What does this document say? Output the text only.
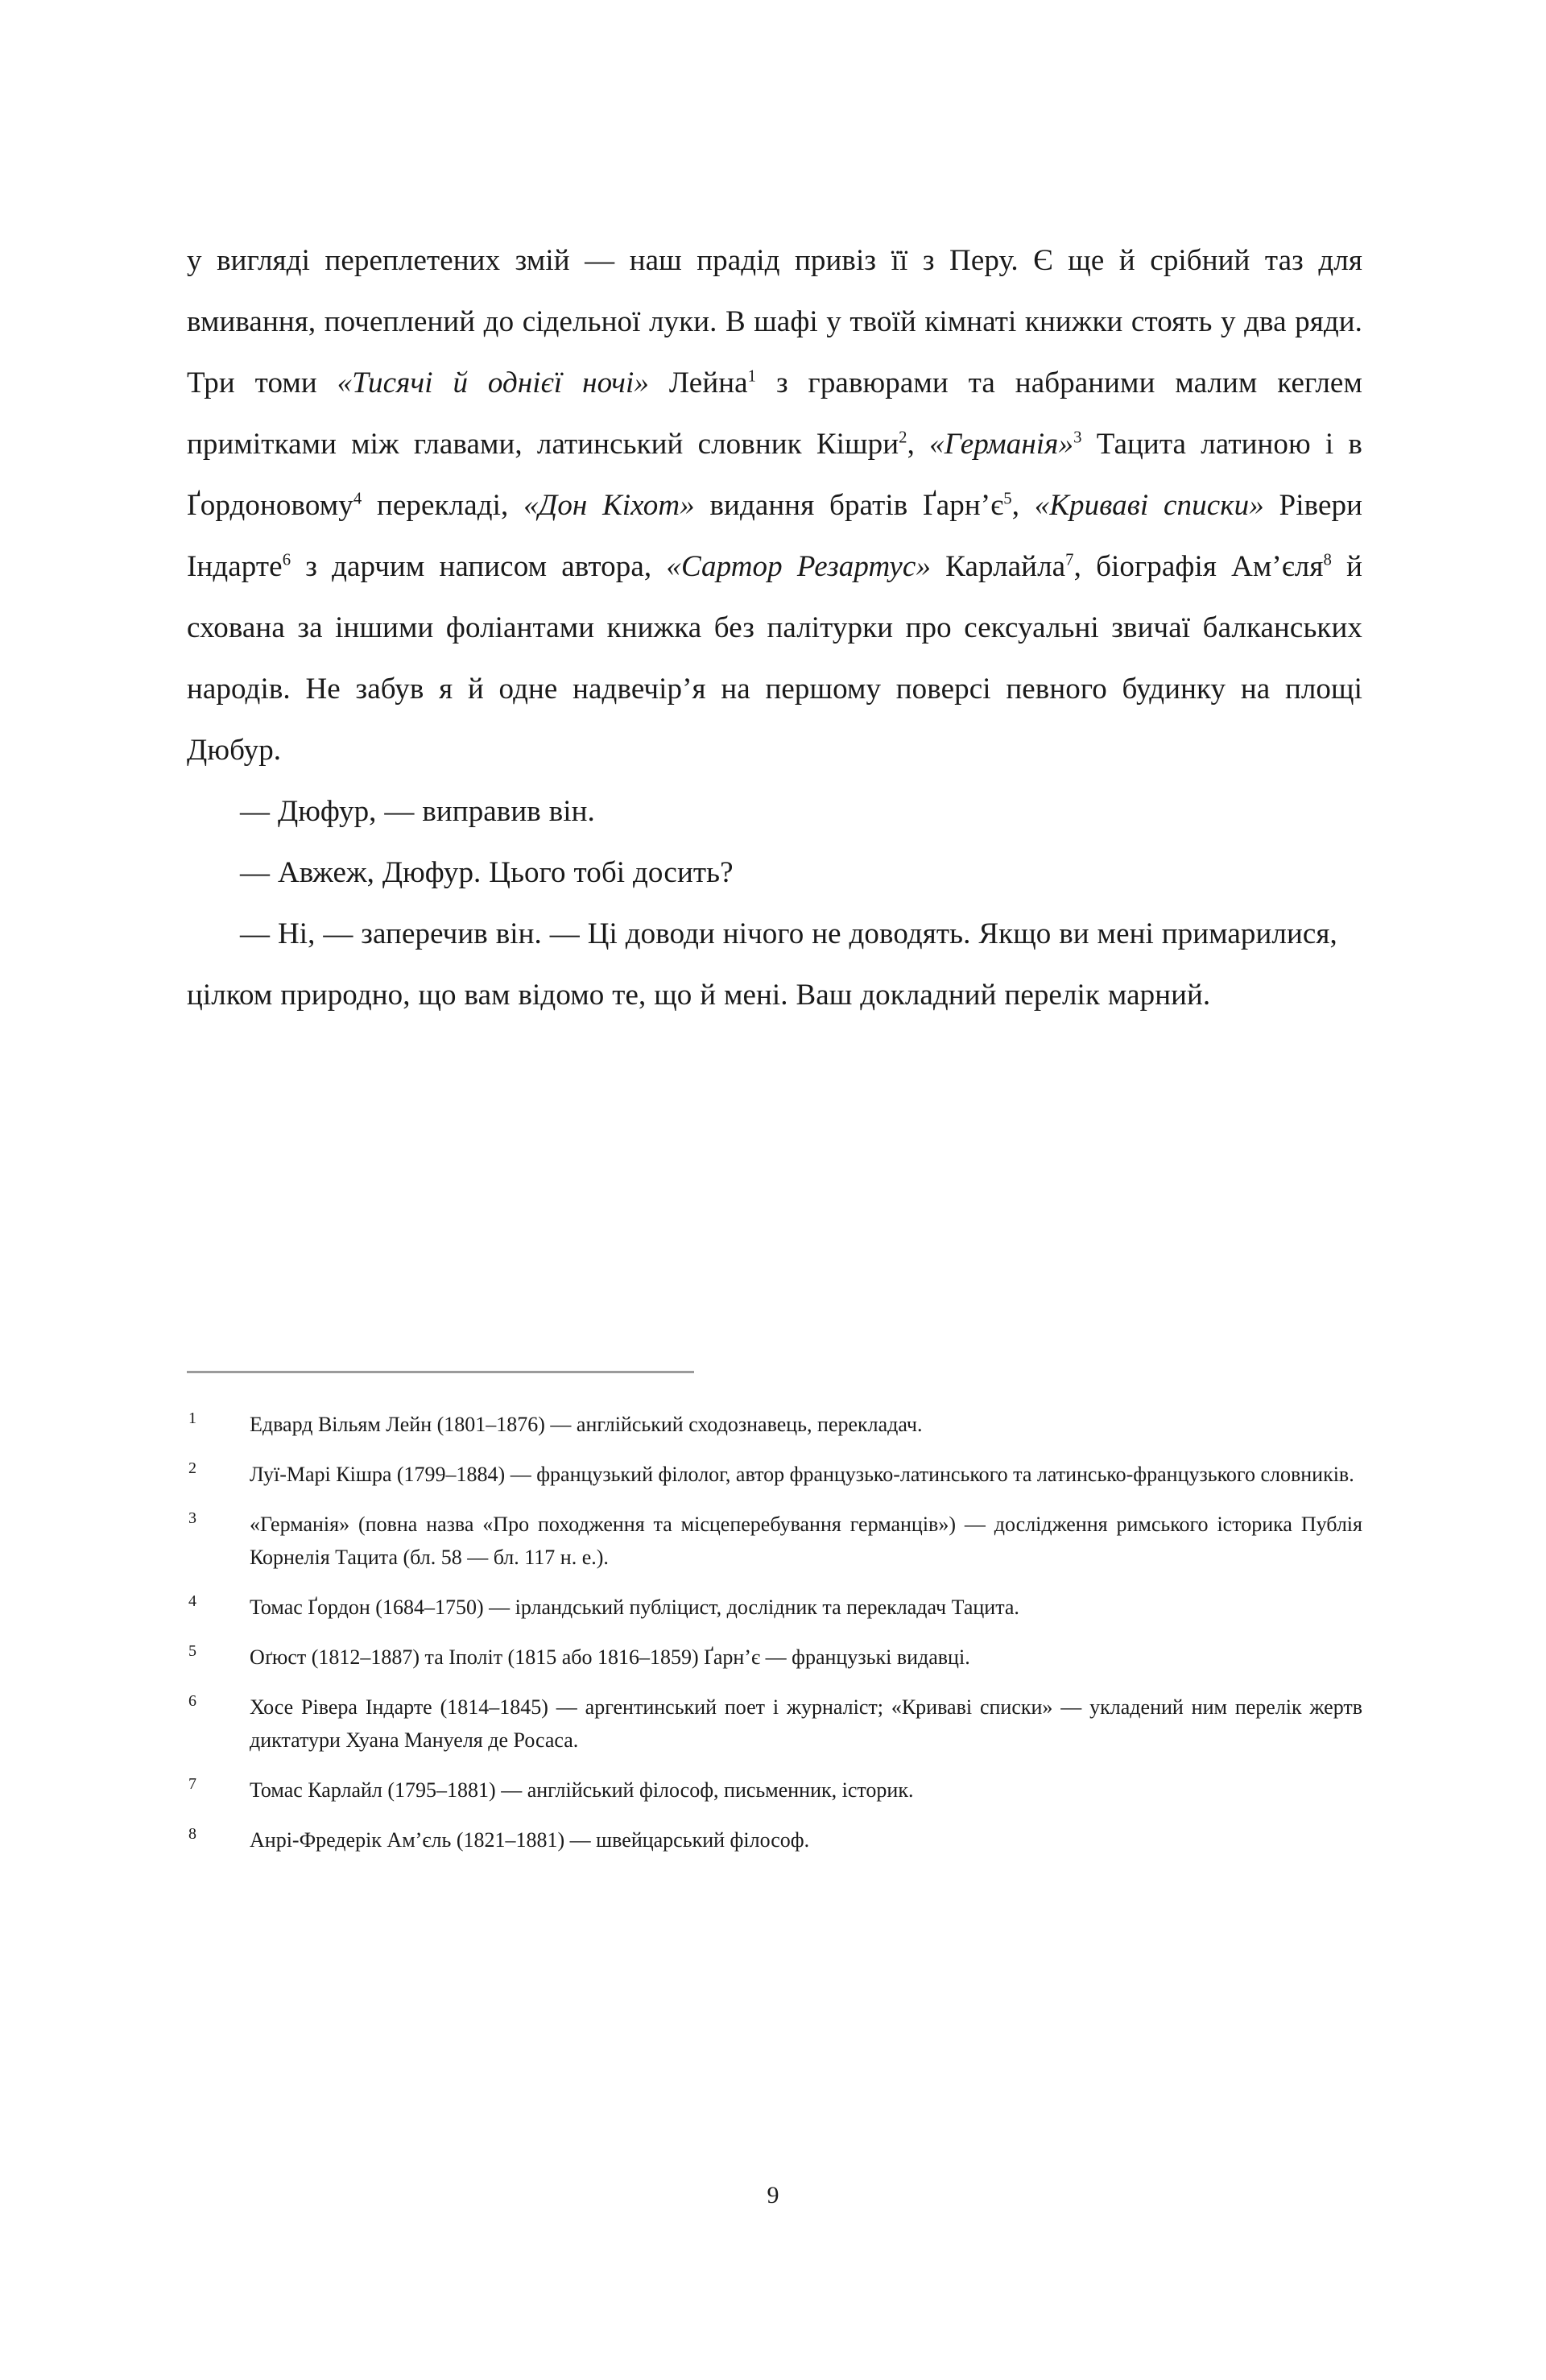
у вигляді переплетених змій — наш прадід привіз її з Перу. Є ще й срібний таз для вмивання, почеплений до сідельної луки. В шафі у твоїй кімнаті книжки стоять у два ряди. Три томи «Тисячі й однієї ночі» Лейна$^1$ з гравюрами та набраними малим кеглем примітками між главами, латинський словник Кішри$^2$, «Германія»$^3$ Тацита латиною і в Ґордоновому$^4$ перекладі, «Дон Кіхот» видання братів Ґарн’є$^5$, «Криваві списки» Рівери Індарте$^6$ з дарчим написом автора, «Сартор Резартус» Карлайла$^7$, біографія Ам’єля$^8$ й схована за іншими фоліантами книжка без палітурки про сексуальні звичаї балканських народів. Не забув я й одне надвечір’я на першому поверсі певного будинку на площі Дюбур.

— Дюфур, — виправив він.

— Авжеж, Дюфур. Цього тобі досить?

— Ні, — заперечив він. — Ці доводи нічого не доводять. Якщо ви мені примарилися, цілком природно, що вам відомо те, що й мені. Ваш докладний перелік марний.

1	Едвард Вільям Лейн (1801–1876) — англійський сходознавець, перекладач.
2	Луї-Марі Кішра (1799–1884) — французький філолог, автор французько-латинського та латинсько-французького словників.
3	«Германія» (повна назва «Про походження та місцеперебування германців») — дослідження римського історика Публія Корнелія Тацита (бл. 58 — бл. 117 н. е.).
4	Томас Ґордон (1684–1750) — ірландський публіцист, дослідник та перекладач Тацита.
5	Оґюст (1812–1887) та Іполіт (1815 або 1816–1859) Ґарн’є — французькі видавці.
6	Хосе Рівера Індарте (1814–1845) — аргентинський поет і журналіст; «Криваві списки» — укладений ним перелік жертв диктатури Хуана Мануеля де Росаса.
7	Томас Карлайл (1795–1881) — англійський філософ, письменник, історик.
8	Анрі-Фредерік Ам’єль (1821–1881) — швейцарський філософ.
9
